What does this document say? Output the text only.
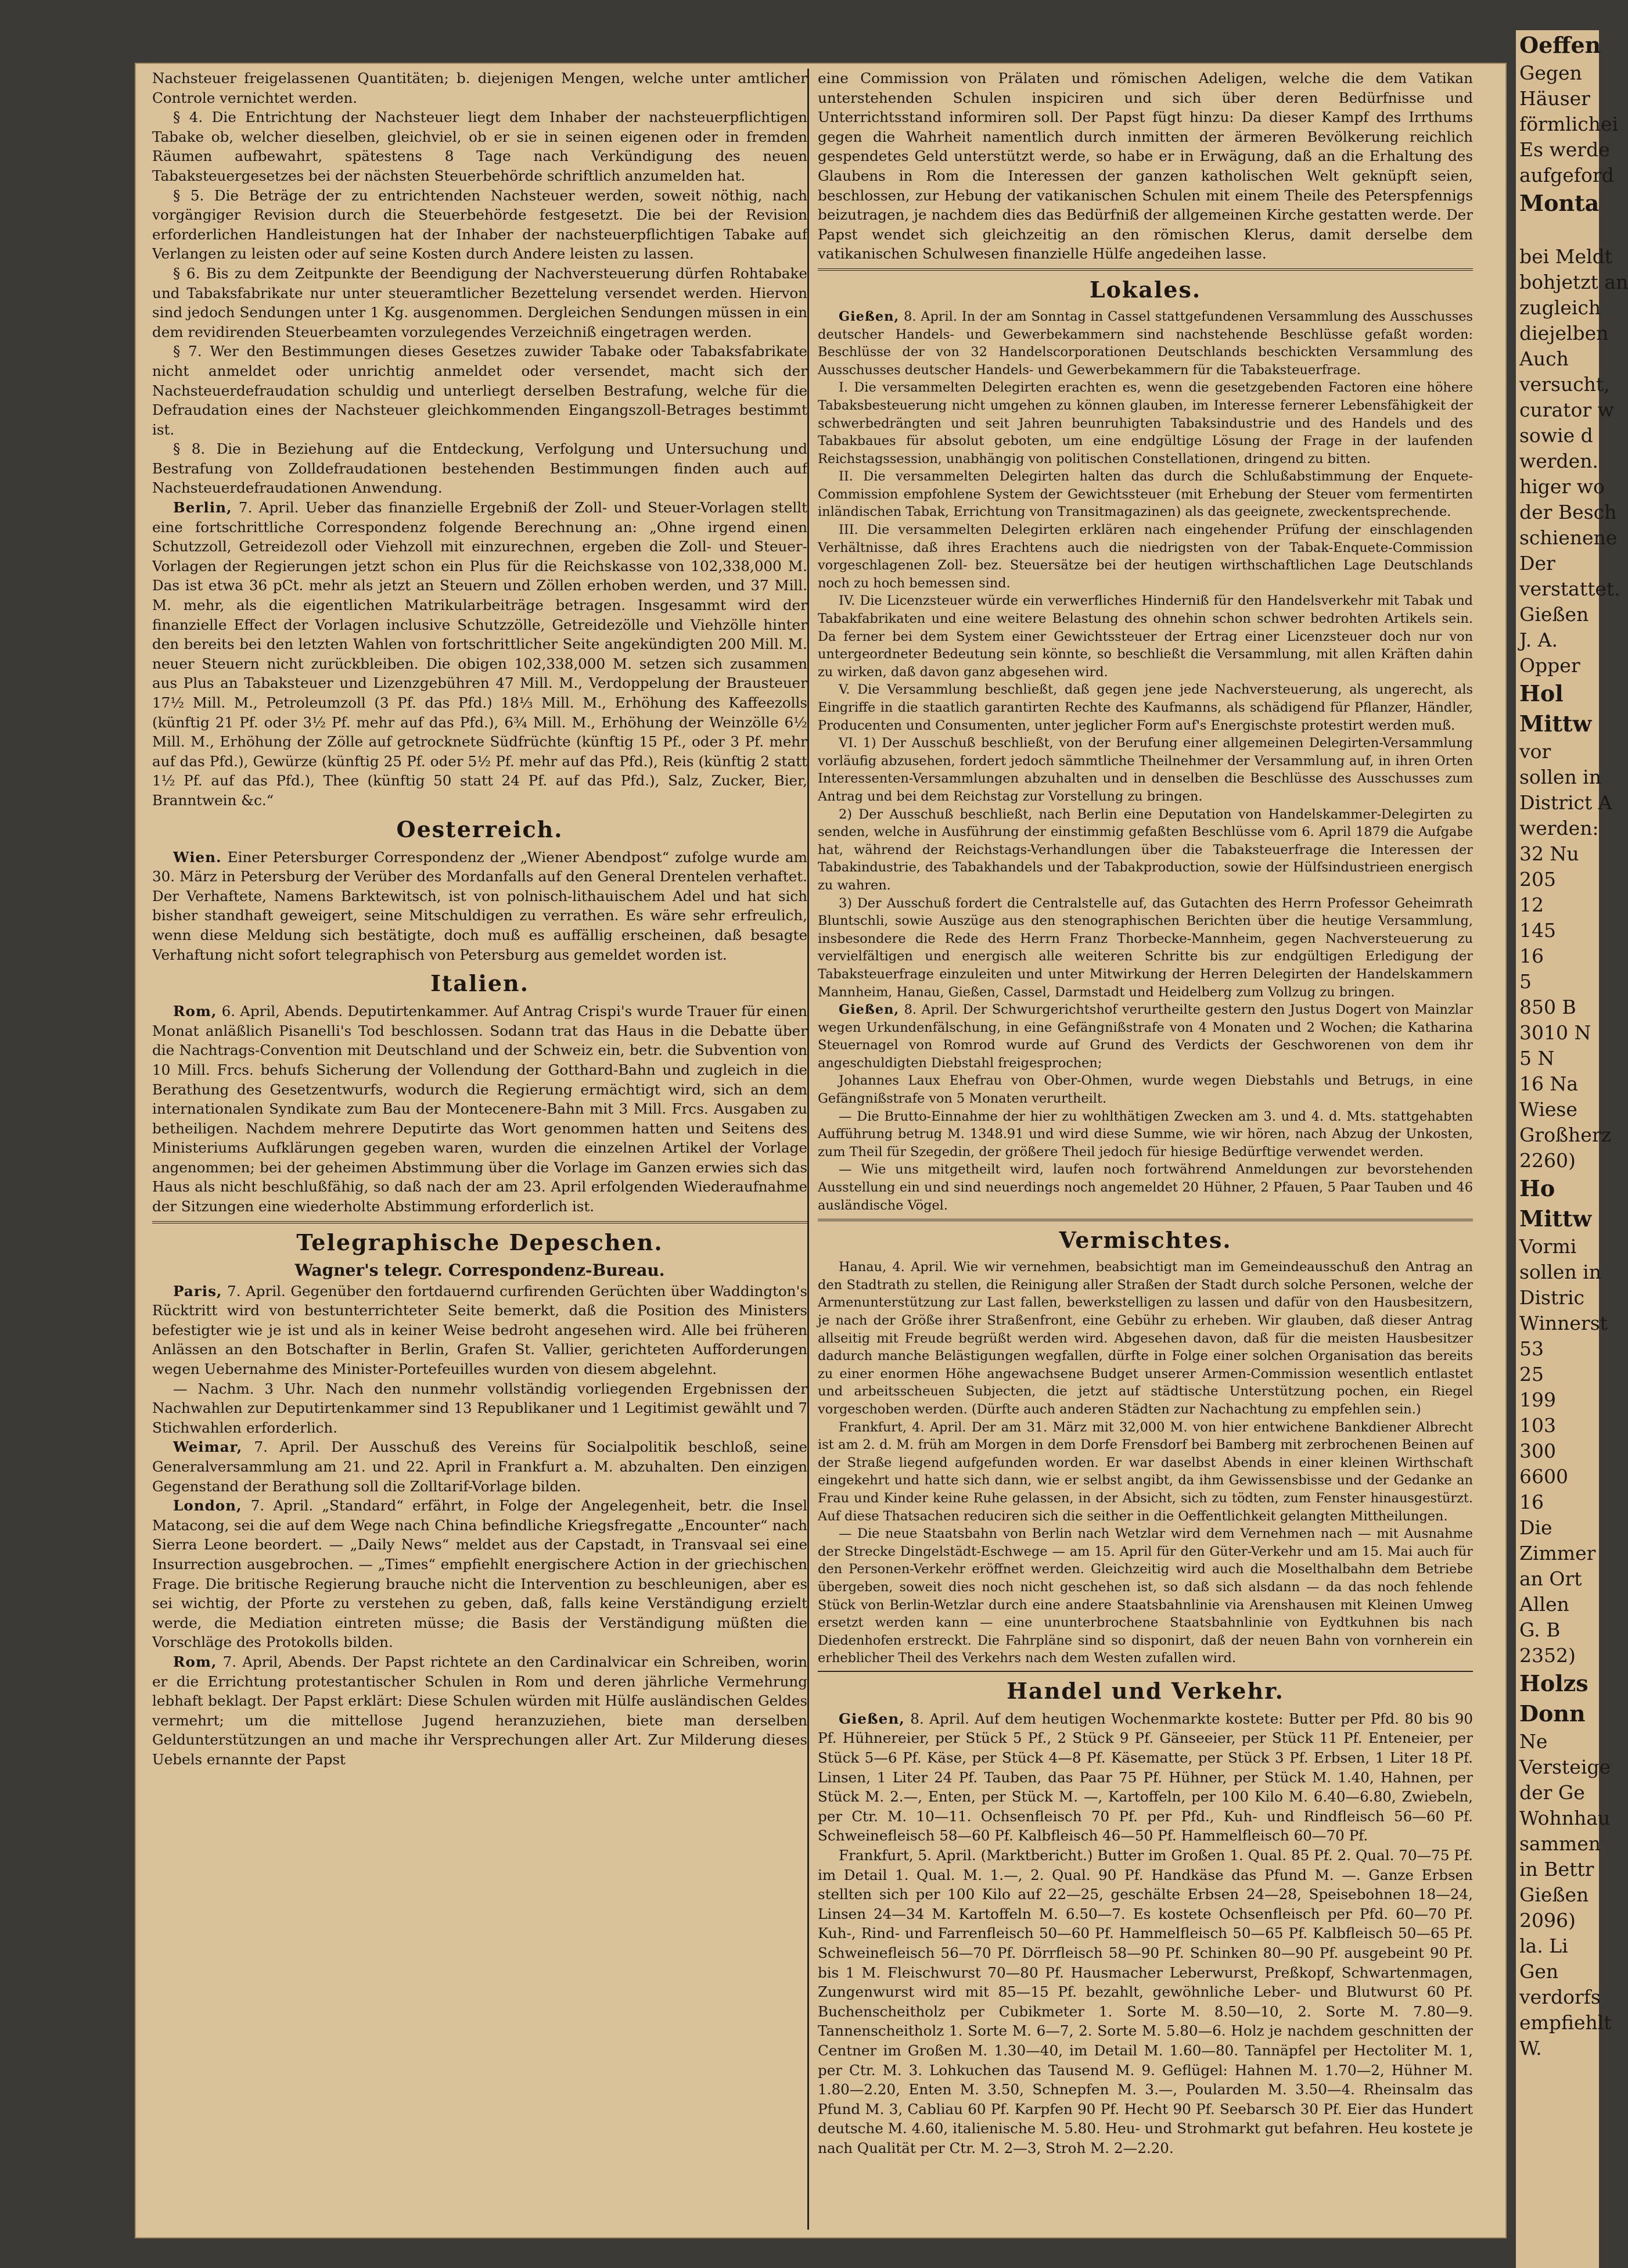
Nachsteuer freigelassenen Quantitäten; b. diejenigen Mengen, welche unter amtlicher Controle vernichtet werden.

§ 4. Die Entrichtung der Nachsteuer liegt dem Inhaber der nachsteuerpflichtigen Tabake ob, welcher dieselben, gleichviel, ob er sie in seinen eigenen oder in fremden Räumen aufbewahrt, spätestens 8 Tage nach Verkündigung des neuen Tabaksteuergesetzes bei der nächsten Steuerbehörde schriftlich anzumelden hat.

§ 5. Die Beträge der zu entrichtenden Nachsteuer werden, soweit nöthig, nach vorgängiger Revision durch die Steuerbehörde festgesetzt. Die bei der Revision erforderlichen Handleistungen hat der Inhaber der nachsteuerpflichtigen Tabake auf Verlangen zu leisten oder auf seine Kosten durch Andere leisten zu lassen.

§ 6. Bis zu dem Zeitpunkte der Beendigung der Nachversteuerung dürfen Rohtabake und Tabaksfabrikate nur unter steueramtlicher Bezettelung versendet werden. Hiervon sind jedoch Sendungen unter 1 Kg. ausgenommen. Dergleichen Sendungen müssen in ein dem revidirenden Steuerbeamten vorzulegendes Verzeichniß eingetragen werden.

§ 7. Wer den Bestimmungen dieses Gesetzes zuwider Tabake oder Tabaksfabrikate nicht anmeldet oder unrichtig anmeldet oder versendet, macht sich der Nachsteuerdefraudation schuldig und unterliegt derselben Bestrafung, welche für die Defraudation eines der Nachsteuer gleichkommenden Eingangszoll-Betrages bestimmt ist.

§ 8. Die in Beziehung auf die Entdeckung, Verfolgung und Untersuchung und Bestrafung von Zolldefraudationen bestehenden Bestimmungen finden auch auf Nachsteuerdefraudationen Anwendung.

Berlin, 7. April. Ueber das finanzielle Ergebniß der Zoll- und Steuer-Vorlagen stellt eine fortschrittliche Correspondenz folgende Berechnung an: „Ohne irgend einen Schutzzoll, Getreidezoll oder Viehzoll mit einzurechnen, ergeben die Zoll- und Steuer-Vorlagen der Regierungen jetzt schon ein Plus für die Reichskasse von 102,338,000 M. Das ist etwa 36 pCt. mehr als jetzt an Steuern und Zöllen erhoben werden, und 37 Mill. M. mehr, als die eigentlichen Matrikularbeiträge betragen. Insgesammt wird der finanzielle Effect der Vorlagen inclusive Schutzzölle, Getreidezölle und Viehzölle hinter den bereits bei den letzten Wahlen von fortschrittlicher Seite angekündigten 200 Mill. M. neuer Steuern nicht zurückbleiben. Die obigen 102,338,000 M. setzen sich zusammen aus Plus an Tabaksteuer und Lizenzgebühren 47 Mill. M., Verdoppelung der Brausteuer 17½ Mill. M., Petroleumzoll (3 Pf. das Pfd.) 18⅓ Mill. M., Erhöhung des Kaffeezolls (künftig 21 Pf. oder 3½ Pf. mehr auf das Pfd.), 6¾ Mill. M., Erhöhung der Weinzölle 6½ Mill. M., Erhöhung der Zölle auf getrocknete Südfrüchte (künftig 15 Pf., oder 3 Pf. mehr auf das Pfd.), Gewürze (künftig 25 Pf. oder 5½ Pf. mehr auf das Pfd.), Reis (künftig 2 statt 1½ Pf. auf das Pfd.), Thee (künftig 50 statt 24 Pf. auf das Pfd.), Salz, Zucker, Bier, Branntwein &c.“

Oesterreich.

Wien. Einer Petersburger Correspondenz der „Wiener Abendpost“ zufolge wurde am 30. März in Petersburg der Verüber des Mordanfalls auf den General Drentelen verhaftet. Der Verhaftete, Namens Barktewitsch, ist von polnisch-lithauischem Adel und hat sich bisher standhaft geweigert, seine Mitschuldigen zu verrathen. Es wäre sehr erfreulich, wenn diese Meldung sich bestätigte, doch muß es auffällig erscheinen, daß besagte Verhaftung nicht sofort telegraphisch von Petersburg aus gemeldet worden ist.

Italien.

Rom, 6. April, Abends. Deputirtenkammer. Auf Antrag Crispi's wurde Trauer für einen Monat anläßlich Pisanelli's Tod beschlossen. Sodann trat das Haus in die Debatte über die Nachtrags-Convention mit Deutschland und der Schweiz ein, betr. die Subvention von 10 Mill. Frcs. behufs Sicherung der Vollendung der Gotthard-Bahn und zugleich in die Berathung des Gesetzentwurfs, wodurch die Regierung ermächtigt wird, sich an dem internationalen Syndikate zum Bau der Montecenere-Bahn mit 3 Mill. Frcs. Ausgaben zu betheiligen. Nachdem mehrere Deputirte das Wort genommen hatten und Seitens des Ministeriums Aufklärungen gegeben waren, wurden die einzelnen Artikel der Vorlage angenommen; bei der geheimen Abstimmung über die Vorlage im Ganzen erwies sich das Haus als nicht beschlußfähig, so daß nach der am 23. April erfolgenden Wiederaufnahme der Sitzungen eine wiederholte Abstimmung erforderlich ist.

Telegraphische Depeschen.
Wagner's telegr. Correspondenz-Bureau.

Paris, 7. April. Gegenüber den fortdauernd curfirenden Gerüchten über Waddington's Rücktritt wird von bestunterrichteter Seite bemerkt, daß die Position des Ministers befestigter wie je ist und als in keiner Weise bedroht angesehen wird. Alle bei früheren Anlässen an den Botschafter in Berlin, Grafen St. Vallier, gerichteten Aufforderungen wegen Uebernahme des Minister-Portefeuilles wurden von diesem abgelehnt.

— Nachm. 3 Uhr. Nach den nunmehr vollständig vorliegenden Ergebnissen der Nachwahlen zur Deputirtenkammer sind 13 Republikaner und 1 Legitimist gewählt und 7 Stichwahlen erforderlich.

Weimar, 7. April. Der Ausschuß des Vereins für Socialpolitik beschloß, seine Generalversammlung am 21. und 22. April in Frankfurt a. M. abzuhalten. Den einzigen Gegenstand der Berathung soll die Zolltarif-Vorlage bilden.

London, 7. April. „Standard“ erfährt, in Folge der Angelegenheit, betr. die Insel Matacong, sei die auf dem Wege nach China befindliche Kriegsfregatte „Encounter“ nach Sierra Leone beordert. — „Daily News“ meldet aus der Capstadt, in Transvaal sei eine Insurrection ausgebrochen. — „Times“ empfiehlt energischere Action in der griechischen Frage. Die britische Regierung brauche nicht die Intervention zu beschleunigen, aber es sei wichtig, der Pforte zu verstehen zu geben, daß, falls keine Verständigung erzielt werde, die Mediation eintreten müsse; die Basis der Verständigung müßten die Vorschläge des Protokolls bilden.

Rom, 7. April, Abends. Der Papst richtete an den Cardinalvicar ein Schreiben, worin er die Errichtung protestantischer Schulen in Rom und deren jährliche Vermehrung lebhaft beklagt. Der Papst erklärt: Diese Schulen würden mit Hülfe ausländischen Geldes vermehrt; um die mittellose Jugend heranzuziehen, biete man derselben Geldunterstützungen an und mache ihr Versprechungen aller Art. Zur Milderung dieses Uebels ernannte der Papst

eine Commission von Prälaten und römischen Adeligen, welche die dem Vatikan unterstehenden Schulen inspiciren und sich über deren Bedürfnisse und Unterrichtsstand informiren soll. Der Papst fügt hinzu: Da dieser Kampf des Irrthums gegen die Wahrheit namentlich durch inmitten der ärmeren Bevölkerung reichlich gespendetes Geld unterstützt werde, so habe er in Erwägung, daß an die Erhaltung des Glaubens in Rom die Interessen der ganzen katholischen Welt geknüpft seien, beschlossen, zur Hebung der vatikanischen Schulen mit einem Theile des Peterspfennigs beizutragen, je nachdem dies das Bedürfniß der allgemeinen Kirche gestatten werde. Der Papst wendet sich gleichzeitig an den römischen Klerus, damit derselbe dem vatikanischen Schulwesen finanzielle Hülfe angedeihen lasse.

Lokales.

Gießen, 8. April. In der am Sonntag in Cassel stattgefundenen Versammlung des Ausschusses deutscher Handels- und Gewerbekammern sind nachstehende Beschlüsse gefaßt worden: Beschlüsse der von 32 Handelscorporationen Deutschlands beschickten Versammlung des Ausschusses deutscher Handels- und Gewerbekammern für die Tabaksteuerfrage.

I. Die versammelten Delegirten erachten es, wenn die gesetzgebenden Factoren eine höhere Tabaksbesteuerung nicht umgehen zu können glauben, im Interesse fernerer Lebensfähigkeit der schwerbedrängten und seit Jahren beunruhigten Tabaksindustrie und des Handels und des Tabakbaues für absolut geboten, um eine endgültige Lösung der Frage in der laufenden Reichstagssession, unabhängig von politischen Constellationen, dringend zu bitten.

II. Die versammelten Delegirten halten das durch die Schlußabstimmung der Enquete-Commission empfohlene System der Gewichtssteuer (mit Erhebung der Steuer vom fermentirten inländischen Tabak, Errichtung von Transitmagazinen) als das geeignete, zweckentsprechende.

III. Die versammelten Delegirten erklären nach eingehender Prüfung der einschlagenden Verhältnisse, daß ihres Erachtens auch die niedrigsten von der Tabak-Enquete-Commission vorgeschlagenen Zoll- bez. Steuersätze bei der heutigen wirthschaftlichen Lage Deutschlands noch zu hoch bemessen sind.

IV. Die Licenzsteuer würde ein verwerfliches Hinderniß für den Handelsverkehr mit Tabak und Tabakfabrikaten und eine weitere Belastung des ohnehin schon schwer bedrohten Artikels sein. Da ferner bei dem System einer Gewichtssteuer der Ertrag einer Licenzsteuer doch nur von untergeordneter Bedeutung sein könnte, so beschließt die Versammlung, mit allen Kräften dahin zu wirken, daß davon ganz abgesehen wird.

V. Die Versammlung beschließt, daß gegen jene jede Nachversteuerung, als ungerecht, als Eingriffe in die staatlich garantirten Rechte des Kaufmanns, als schädigend für Pflanzer, Händler, Producenten und Consumenten, unter jeglicher Form auf's Energischste protestirt werden muß.

VI. 1) Der Ausschuß beschließt, von der Berufung einer allgemeinen Delegirten-Versammlung vorläufig abzusehen, fordert jedoch sämmtliche Theilnehmer der Versammlung auf, in ihren Orten Interessenten-Versammlungen abzuhalten und in denselben die Beschlüsse des Ausschusses zum Antrag und bei dem Reichstag zur Vorstellung zu bringen.

2) Der Ausschuß beschließt, nach Berlin eine Deputation von Handelskammer-Delegirten zu senden, welche in Ausführung der einstimmig gefaßten Beschlüsse vom 6. April 1879 die Aufgabe hat, während der Reichstags-Verhandlungen über die Tabaksteuerfrage die Interessen der Tabakindustrie, des Tabakhandels und der Tabakproduction, sowie der Hülfsindustrieen energisch zu wahren.

3) Der Ausschuß fordert die Centralstelle auf, das Gutachten des Herrn Professor Geheimrath Bluntschli, sowie Auszüge aus den stenographischen Berichten über die heutige Versammlung, insbesondere die Rede des Herrn Franz Thorbecke-Mannheim, gegen Nachversteuerung zu vervielfältigen und energisch alle weiteren Schritte bis zur endgültigen Erledigung der Tabaksteuerfrage einzuleiten und unter Mitwirkung der Herren Delegirten der Handelskammern Mannheim, Hanau, Gießen, Cassel, Darmstadt und Heidelberg zum Vollzug zu bringen.

Gießen, 8. April. Der Schwurgerichtshof verurtheilte gestern den Justus Dogert von Mainzlar wegen Urkundenfälschung, in eine Gefängnißstrafe von 4 Monaten und 2 Wochen; die Katharina Steuernagel von Romrod wurde auf Grund des Verdicts der Geschworenen von dem ihr angeschuldigten Diebstahl freigesprochen;

Johannes Laux Ehefrau von Ober-Ohmen, wurde wegen Diebstahls und Betrugs, in eine Gefängnißstrafe von 5 Monaten verurtheilt.

— Die Brutto-Einnahme der hier zu wohlthätigen Zwecken am 3. und 4. d. Mts. stattgehabten Aufführung betrug M. 1348.91 und wird diese Summe, wie wir hören, nach Abzug der Unkosten, zum Theil für Szegedin, der größere Theil jedoch für hiesige Bedürftige verwendet werden.

— Wie uns mitgetheilt wird, laufen noch fortwährend Anmeldungen zur bevorstehenden Ausstellung ein und sind neuerdings noch angemeldet 20 Hühner, 2 Pfauen, 5 Paar Tauben und 46 ausländische Vögel.

Vermischtes.

Hanau, 4. April. Wie wir vernehmen, beabsichtigt man im Gemeindeausschuß den Antrag an den Stadtrath zu stellen, die Reinigung aller Straßen der Stadt durch solche Personen, welche der Armenunterstützung zur Last fallen, bewerkstelligen zu lassen und dafür von den Hausbesitzern, je nach der Größe ihrer Straßenfront, eine Gebühr zu erheben. Wir glauben, daß dieser Antrag allseitig mit Freude begrüßt werden wird. Abgesehen davon, daß für die meisten Hausbesitzer dadurch manche Belästigungen wegfallen, dürfte in Folge einer solchen Organisation das bereits zu einer enormen Höhe angewachsene Budget unserer Armen-Commission wesentlich entlastet und arbeitsscheuen Subjecten, die jetzt auf städtische Unterstützung pochen, ein Riegel vorgeschoben werden. (Dürfte auch anderen Städten zur Nachachtung zu empfehlen sein.)

Frankfurt, 4. April. Der am 31. März mit 32,000 M. von hier entwichene Bankdiener Albrecht ist am 2. d. M. früh am Morgen in dem Dorfe Frensdorf bei Bamberg mit zerbrochenen Beinen auf der Straße liegend aufgefunden worden. Er war daselbst Abends in einer kleinen Wirthschaft eingekehrt und hatte sich dann, wie er selbst angibt, da ihm Gewissensbisse und der Gedanke an Frau und Kinder keine Ruhe gelassen, in der Absicht, sich zu tödten, zum Fenster hinausgestürzt. Auf diese Thatsachen reduciren sich die seither in die Oeffentlichkeit gelangten Mittheilungen.

— Die neue Staatsbahn von Berlin nach Wetzlar wird dem Vernehmen nach — mit Ausnahme der Strecke Dingelstädt-Eschwege — am 15. April für den Güter-Verkehr und am 15. Mai auch für den Personen-Verkehr eröffnet werden. Gleichzeitig wird auch die Moselthalbahn dem Betriebe übergeben, soweit dies noch nicht geschehen ist, so daß sich alsdann — da das noch fehlende Stück von Berlin-Wetzlar durch eine andere Staatsbahnlinie via Arenshausen mit Kleinen Umweg ersetzt werden kann — eine ununterbrochene Staatsbahnlinie von Eydtkuhnen bis nach Diedenhofen erstreckt. Die Fahrpläne sind so disponirt, daß der neuen Bahn von vornherein ein erheblicher Theil des Verkehrs nach dem Westen zufallen wird.

Handel und Verkehr.

Gießen, 8. April. Auf dem heutigen Wochenmarkte kostete: Butter per Pfd. 80 bis 90 Pf. Hühnereier, per Stück 5 Pf., 2 Stück 9 Pf. Gänseeier, per Stück 11 Pf. Enteneier, per Stück 5—6 Pf. Käse, per Stück 4—8 Pf. Käsematte, per Stück 3 Pf. Erbsen, 1 Liter 18 Pf. Linsen, 1 Liter 24 Pf. Tauben, das Paar 75 Pf. Hühner, per Stück M. 1.40, Hahnen, per Stück M. 2.—, Enten, per Stück M. —, Kartoffeln, per 100 Kilo M. 6.40—6.80, Zwiebeln, per Ctr. M. 10—11. Ochsenfleisch 70 Pf. per Pfd., Kuh- und Rindfleisch 56—60 Pf. Schweinefleisch 58—60 Pf. Kalbfleisch 46—50 Pf. Hammelfleisch 60—70 Pf.

Frankfurt, 5. April. (Marktbericht.) Butter im Großen 1. Qual. 85 Pf. 2. Qual. 70—75 Pf. im Detail 1. Qual. M. 1.—, 2. Qual. 90 Pf. Handkäse das Pfund M. —. Ganze Erbsen stellten sich per 100 Kilo auf 22—25, geschälte Erbsen 24—28, Speisebohnen 18—24, Linsen 24—34 M. Kartoffeln M. 6.50—7. Es kostete Ochsenfleisch per Pfd. 60—70 Pf. Kuh-, Rind- und Farrenfleisch 50—60 Pf. Hammelfleisch 50—65 Pf. Kalbfleisch 50—65 Pf. Schweinefleisch 56—70 Pf. Dörrfleisch 58—90 Pf. Schinken 80—90 Pf. ausgebeint 90 Pf. bis 1 M. Fleischwurst 70—80 Pf. Hausmacher Leberwurst, Preßkopf, Schwartenmagen, Zungenwurst wird mit 85—15 Pf. bezahlt, gewöhnliche Leber- und Blutwurst 60 Pf. Buchenscheitholz per Cubikmeter 1. Sorte M. 8.50—10, 2. Sorte M. 7.80—9. Tannenscheitholz 1. Sorte M. 6—7, 2. Sorte M. 5.80—6. Holz je nachdem geschnitten der Centner im Großen M. 1.30—40, im Detail M. 1.60—80. Tannäpfel per Hectoliter M. 1, per Ctr. M. 3. Lohkuchen das Tausend M. 9. Geflügel: Hahnen M. 1.70—2, Hühner M. 1.80—2.20, Enten M. 3.50, Schnepfen M. 3.—, Poularden M. 3.50—4. Rheinsalm das Pfund M. 3, Cabliau 60 Pf. Karpfen 90 Pf. Hecht 90 Pf. Seebarsch 30 Pf. Eier das Hundert deutsche M. 4.60, italienische M. 5.80. Heu- und Strohmarkt gut befahren. Heu kostete je nach Qualität per Ctr. M. 2—3, Stroh M. 2—2.20.

Oeffen
Gegen
Häuser
förmlichei
Es werde
aufgeford
Monta

bei Meldt
bohjetzt an
zugleich
diejelben
Auch
versucht,
curator w
sowie d
werden.
higer wo
der Besch
schienene
Der
verstattet.
Gießen
J. A.
Opper
Hol
Mittw
vor
sollen in
District A
werden:
32 Nu
205
12
145
16
5
850 B
3010 N
5 N
16 Na
Wiese
Großherz
2260)
Ho
Mittw
Vormi
sollen in
Distric
Winnerst
53
25
199
103
300
6600
16
Die
Zimmer
an Ort
Allen
G. B
2352)
Holzs
Donn
Ne
Versteige
der Ge
Wohnhau
sammen
in Bettr
Gießen
2096)
la. Li
Gen
verdorfs
empfiehlt
W.
